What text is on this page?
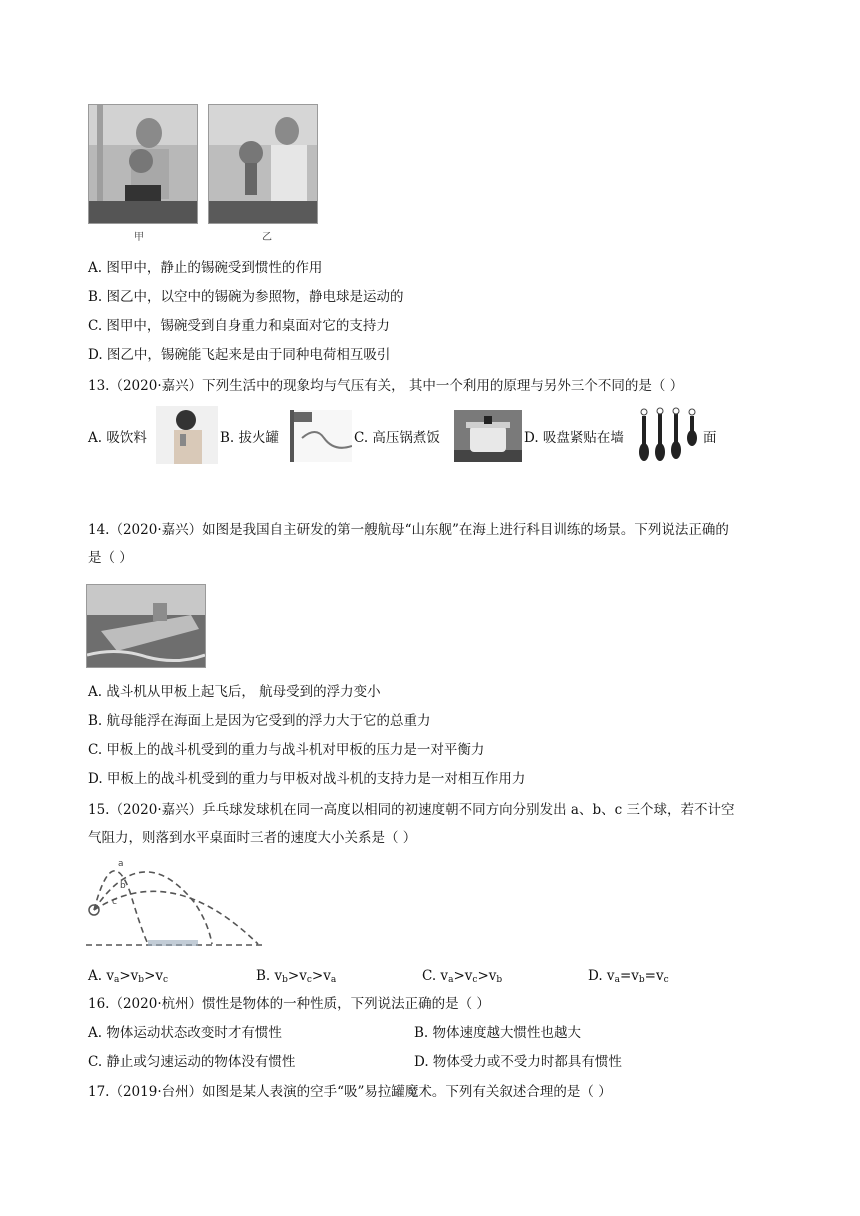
甲	乙
A. 图甲中，静止的锡碗受到惯性的作用
B. 图乙中，以空中的锡碗为参照物，静电球是运动的
C. 图甲中，锡碗受到自身重力和桌面对它的支持力
D. 图乙中，锡碗能飞起来是由于同种电荷相互吸引
13.（2020·嘉兴）下列生活中的现象均与气压有关， 其中一个利用的原理与另外三个不同的是（ ）
A. 吸饮料	B. 拔火罐	C. 高压锅煮饭	D. 吸盘紧贴在墙	面
14.（2020·嘉兴）如图是我国自主研发的第一艘航母“山东舰”在海上进行科目训练的场景。下列说法正确的
是（ ）
A. 战斗机从甲板上起飞后， 航母受到的浮力变小
B. 航母能浮在海面上是因为它受到的浮力大于它的总重力
C. 甲板上的战斗机受到的重力与战斗机对甲板的压力是一对平衡力
D. 甲板上的战斗机受到的重力与甲板对战斗机的支持力是一对相互作用力
15.（2020·嘉兴）乒乓球发球机在同一高度以相同的初速度朝不同方向分别发出 a、b、c 三个球，若不计空
气阻力，则落到水平桌面时三者的速度大小关系是（ ）
a
b
c
A. $v_a>v_b>v_c$	B. $v_b>v_c>v_a$	C. $v_a>v_c>v_b$	D. $v_a=v_b=v_c$
16.（2020·杭州）惯性是物体的一种性质，下列说法正确的是（ ）
A. 物体运动状态改变时才有惯性	B. 物体速度越大惯性也越大
C. 静止或匀速运动的物体没有惯性	D. 物体受力或不受力时都具有惯性
17.（2019·台州）如图是某人表演的空手“吸”易拉罐魔术。下列有关叙述合理的是（ ）
